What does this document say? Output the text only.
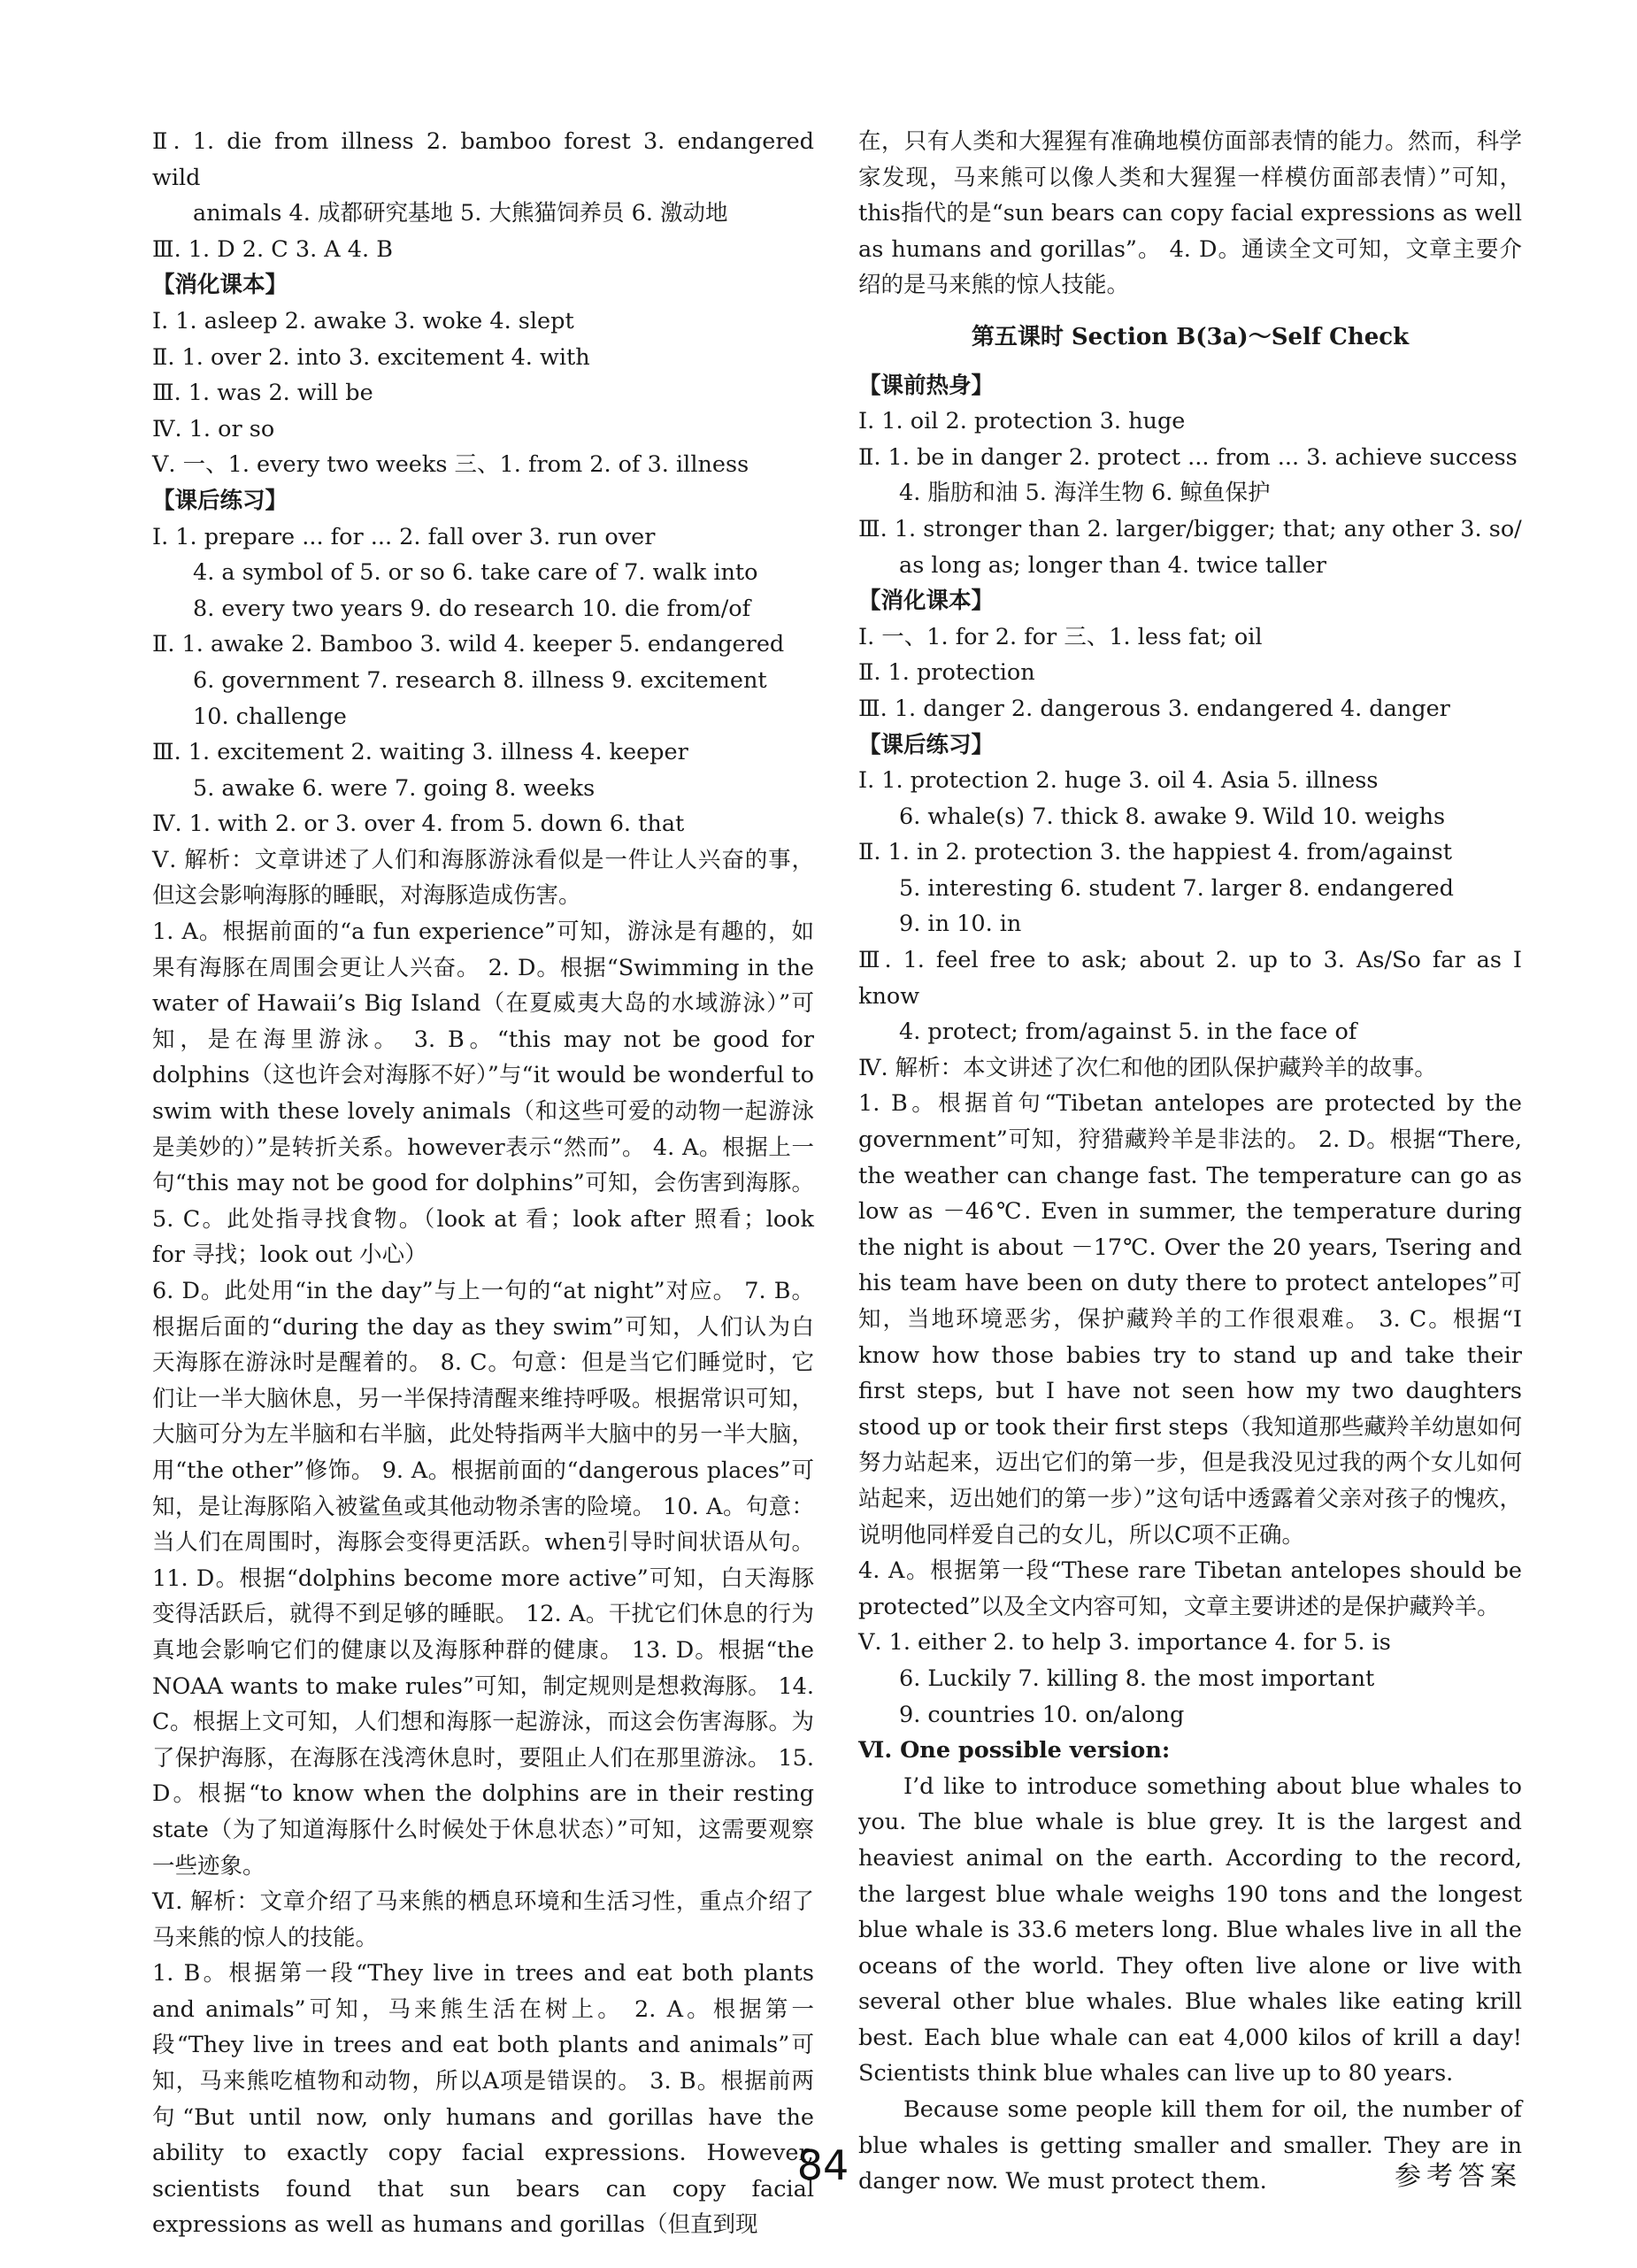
Ⅱ. 1. die from illness 2. bamboo forest 3. endangered wild

animals 4. 成都研究基地 5. 大熊猫饲养员 6. 激动地

Ⅲ. 1. D 2. C 3. A 4. B

【消化课本】

Ⅰ. 1. asleep 2. awake 3. woke 4. slept

Ⅱ. 1. over 2. into 3. excitement 4. with

Ⅲ. 1. was 2. will be

Ⅳ. 1. or so

Ⅴ. 一、1. every two weeks 三、1. from 2. of 3. illness

【课后练习】

Ⅰ. 1. prepare ... for ... 2. fall over 3. run over

4. a symbol of 5. or so 6. take care of 7. walk into

8. every two years 9. do research 10. die from/of

Ⅱ. 1. awake 2. Bamboo 3. wild 4. keeper 5. endangered

6. government 7. research 8. illness 9. excitement

10. challenge

Ⅲ. 1. excitement 2. waiting 3. illness 4. keeper

5. awake 6. were 7. going 8. weeks

Ⅳ. 1. with 2. or 3. over 4. from 5. down 6. that

Ⅴ. 解析：文章讲述了人们和海豚游泳看似是一件让人兴奋的事，但这会影响海豚的睡眠，对海豚造成伤害。

1. A。根据前面的“a fun experience”可知，游泳是有趣的，如果有海豚在周围会更让人兴奋。 2. D。根据“Swimming in the water of Hawaii’s Big Island（在夏威夷大岛的水域游泳）”可知，是在海里游泳。 3. B。“this may not be good for dolphins（这也许会对海豚不好）”与“it would be wonderful to swim with these lovely animals（和这些可爱的动物一起游泳是美妙的）”是转折关系。however表示“然而”。 4. A。根据上一句“this may not be good for dolphins”可知，会伤害到海豚。 5. C。此处指寻找食物。（look at 看；look after 照看；look for 寻找；look out 小心）

6. D。此处用“in the day”与上一句的“at night”对应。 7. B。根据后面的“during the day as they swim”可知，人们认为白天海豚在游泳时是醒着的。 8. C。句意：但是当它们睡觉时，它们让一半大脑休息，另一半保持清醒来维持呼吸。根据常识可知，大脑可分为左半脑和右半脑，此处特指两半大脑中的另一半大脑，用“the other”修饰。 9. A。根据前面的“dangerous places”可知，是让海豚陷入被鲨鱼或其他动物杀害的险境。 10. A。句意：当人们在周围时，海豚会变得更活跃。when引导时间状语从句。 11. D。根据“dolphins become more active”可知，白天海豚变得活跃后，就得不到足够的睡眠。 12. A。干扰它们休息的行为真地会影响它们的健康以及海豚种群的健康。 13. D。根据“the NOAA wants to make rules”可知，制定规则是想救海豚。 14. C。根据上文可知，人们想和海豚一起游泳，而这会伤害海豚。为了保护海豚，在海豚在浅湾休息时，要阻止人们在那里游泳。 15. D。根据“to know when the dolphins are in their resting state（为了知道海豚什么时候处于休息状态）”可知，这需要观察一些迹象。

Ⅵ. 解析：文章介绍了马来熊的栖息环境和生活习性，重点介绍了马来熊的惊人的技能。

1. B。根据第一段“They live in trees and eat both plants and animals”可知，马来熊生活在树上。 2. A。根据第一段“They live in trees and eat both plants and animals”可知，马来熊吃植物和动物，所以A项是错误的。 3. B。根据前两句“But until now, only humans and gorillas have the ability to exactly copy facial expressions. However, scientists found that sun bears can copy facial expressions as well as humans and gorillas（但直到现

在，只有人类和大猩猩有准确地模仿面部表情的能力。然而，科学家发现，马来熊可以像人类和大猩猩一样模仿面部表情）”可知，this指代的是“sun bears can copy facial expressions as well as humans and gorillas”。 4. D。通读全文可知，文章主要介绍的是马来熊的惊人技能。

第五课时 Section B(3a)～Self Check

【课前热身】

Ⅰ. 1. oil 2. protection 3. huge

Ⅱ. 1. be in danger 2. protect ... from ... 3. achieve success

4. 脂肪和油 5. 海洋生物 6. 鲸鱼保护

Ⅲ. 1. stronger than 2. larger/bigger; that; any other 3. so/

as long as; longer than 4. twice taller

【消化课本】

Ⅰ. 一、1. for 2. for 三、1. less fat; oil

Ⅱ. 1. protection

Ⅲ. 1. danger 2. dangerous 3. endangered 4. danger

【课后练习】

Ⅰ. 1. protection 2. huge 3. oil 4. Asia 5. illness

6. whale(s) 7. thick 8. awake 9. Wild 10. weighs

Ⅱ. 1. in 2. protection 3. the happiest 4. from/against

5. interesting 6. student 7. larger 8. endangered

9. in 10. in

Ⅲ. 1. feel free to ask; about 2. up to 3. As/So far as I know

4. protect; from/against 5. in the face of

Ⅳ. 解析：本文讲述了次仁和他的团队保护藏羚羊的故事。

1. B。根据首句“Tibetan antelopes are protected by the government”可知，狩猎藏羚羊是非法的。 2. D。根据“There, the weather can change fast. The temperature can go as low as －46℃. Even in summer, the temperature during the night is about －17℃. Over the 20 years, Tsering and his team have been on duty there to protect antelopes”可知，当地环境恶劣，保护藏羚羊的工作很艰难。 3. C。根据“I know how those babies try to stand up and take their first steps, but I have not seen how my two daughters stood up or took their first steps（我知道那些藏羚羊幼崽如何努力站起来，迈出它们的第一步，但是我没见过我的两个女儿如何站起来，迈出她们的第一步）”这句话中透露着父亲对孩子的愧疚，说明他同样爱自己的女儿，所以C项不正确。

4. A。根据第一段“These rare Tibetan antelopes should be protected”以及全文内容可知，文章主要讲述的是保护藏羚羊。

Ⅴ. 1. either 2. to help 3. importance 4. for 5. is

6. Luckily 7. killing 8. the most important

9. countries 10. on/along

Ⅵ. One possible version:

I’d like to introduce something about blue whales to you. The blue whale is blue grey. It is the largest and heaviest animal on the earth. According to the record, the largest blue whale weighs 190 tons and the longest blue whale is 33.6 meters long. Blue whales live in all the oceans of the world. They often live alone or live with several other blue whales. Blue whales like eating krill best. Each blue whale can eat 4,000 kilos of krill a day! Scientists think blue whales can live up to 80 years.

Because some people kill them for oil, the number of blue whales is getting smaller and smaller. They are in danger now. We must protect them.

84	参考答案
